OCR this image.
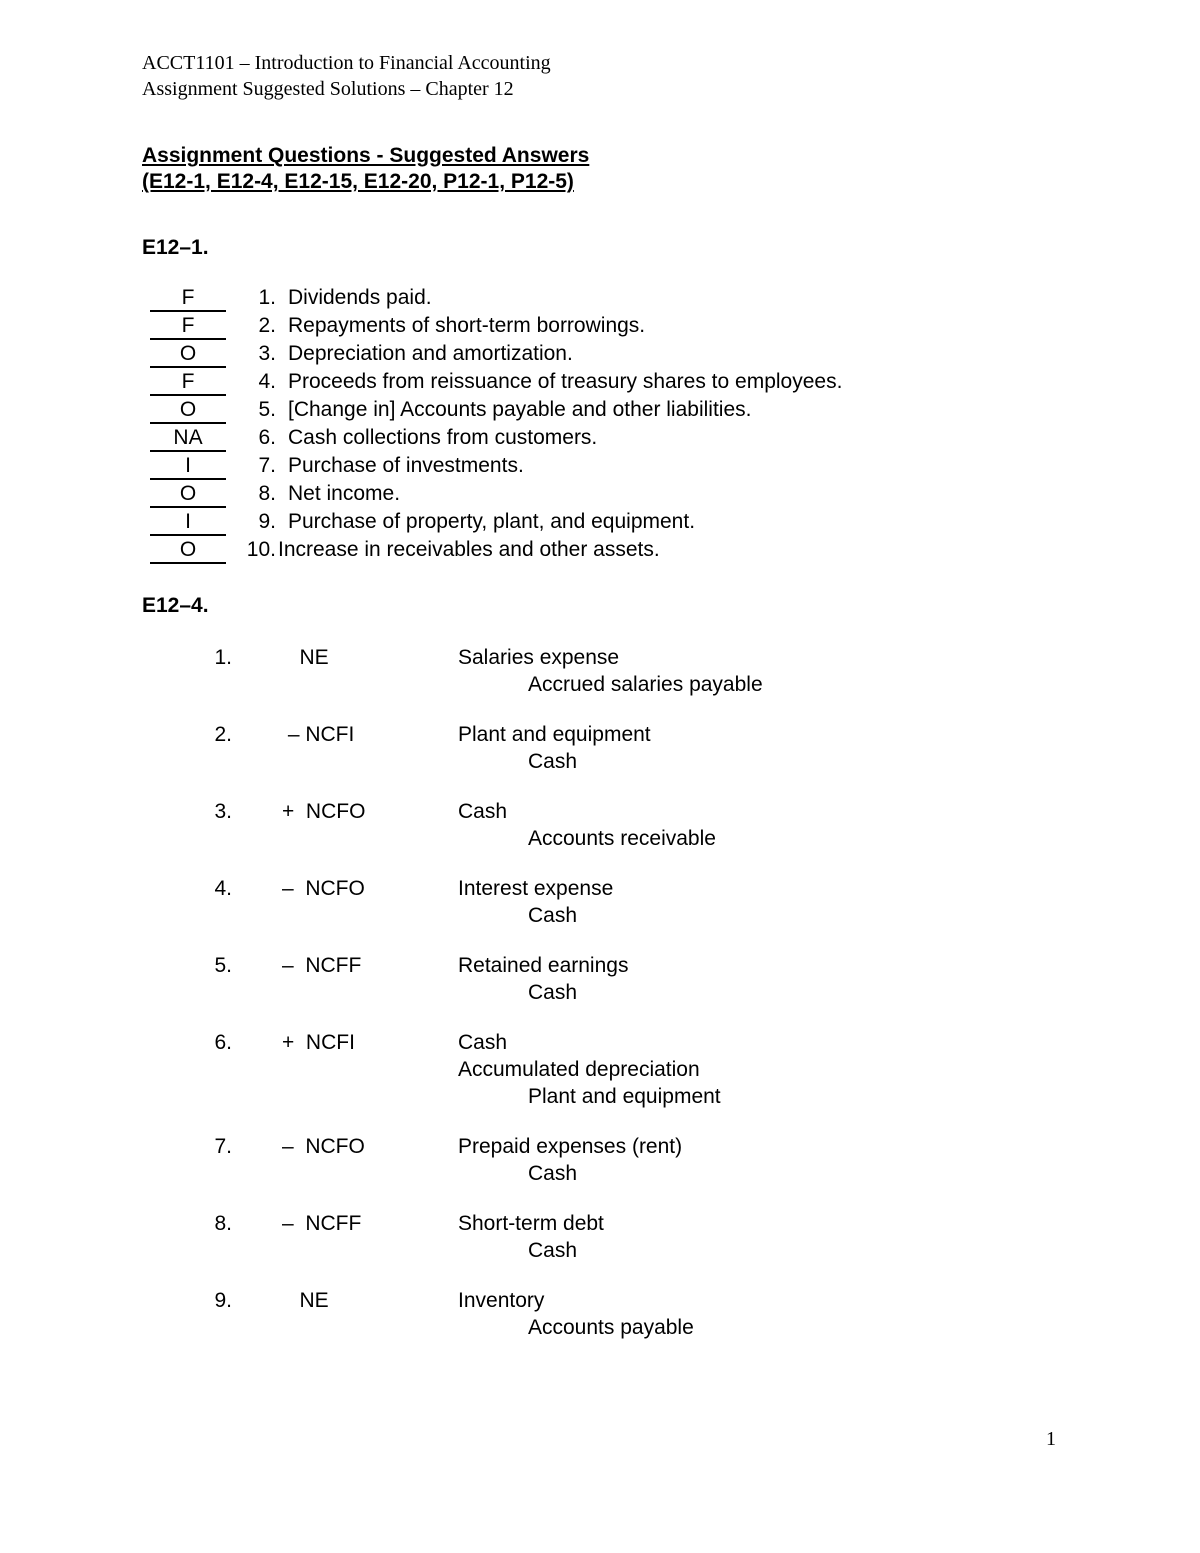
ACCT1101 – Introduction to Financial Accounting
Assignment Suggested Solutions – Chapter 12
Assignment Questions - Suggested Answers
(E12-1, E12-4, E12-15, E12-20, P12-1, P12-5)
E12–1.
F	1. Dividends paid.
F	2. Repayments of short-term borrowings.
O	3. Depreciation and amortization.
F	4. Proceeds from reissuance of treasury shares to employees.
O	5. [Change in] Accounts payable and other liabilities.
NA	6. Cash collections from customers.
I	7. Purchase of investments.
O	8. Net income.
I	9. Purchase of property, plant, and equipment.
O	10. Increase in receivables and other assets.
E12–4.
1. NE	Salaries expense
Accrued salaries payable
2. – NCFI	Plant and equipment
Cash
3. +  NCFO	Cash
Accounts receivable
4. –  NCFO	Interest expense
Cash
5. –  NCFF	Retained earnings
Cash
6. +  NCFI	Cash
Accumulated depreciation
Plant and equipment
7. –  NCFO	Prepaid expenses (rent)
Cash
8. –  NCFF	Short-term debt
Cash
9. NE	Inventory
Accounts payable
1
